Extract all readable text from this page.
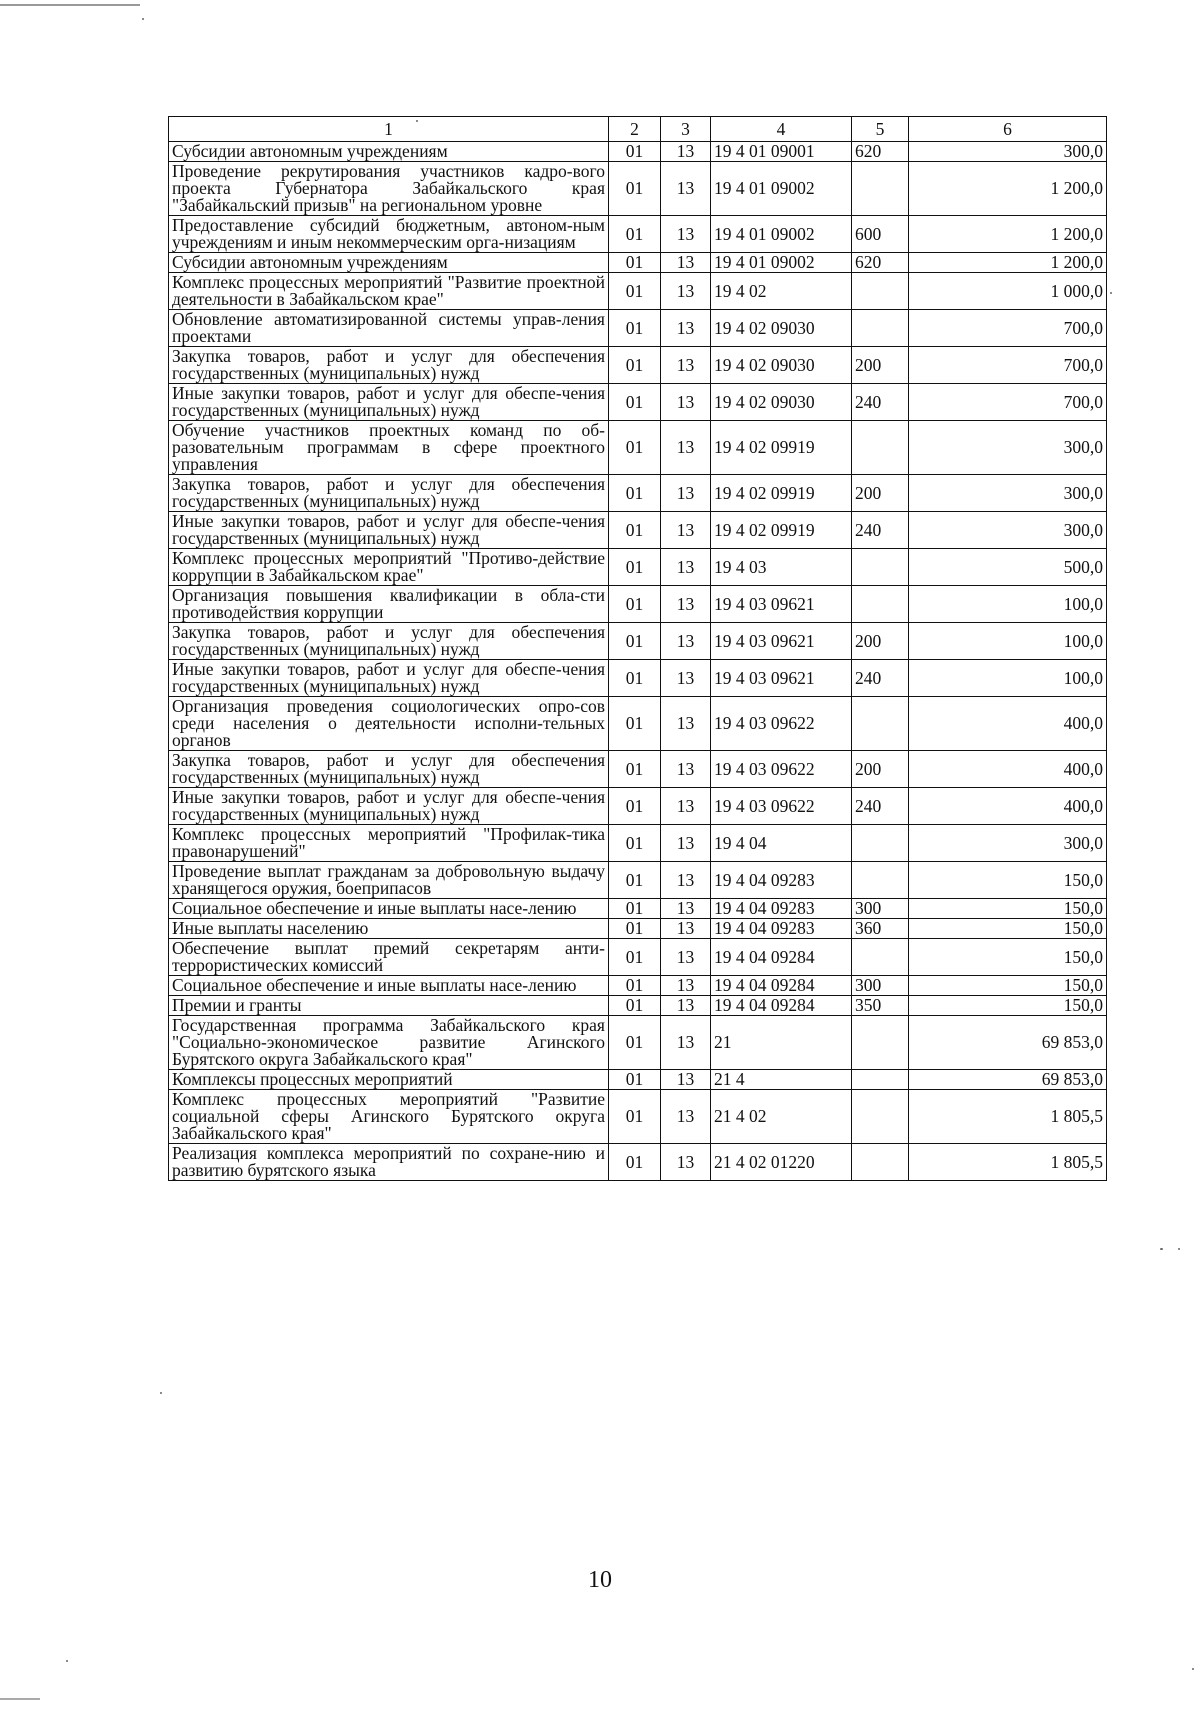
1	2	3	4	5	6
Субсидии автономным учреждениям	01	13	19 4 01 09001	620	300,0
Проведение рекрутирования участников кадро-вого проекта Губернатора Забайкальского края "Забайкальский призыв" на региональном уровне	01	13	19 4 01 09002		1 200,0
Предоставление субсидий бюджетным, автоном-ным учреждениям и иным некоммерческим орга-низациям	01	13	19 4 01 09002	600	1 200,0
Субсидии автономным учреждениям	01	13	19 4 01 09002	620	1 200,0
Комплекс процессных мероприятий "Развитие проектной деятельности в Забайкальском крае"	01	13	19 4 02		1 000,0
Обновление автоматизированной системы управ-ления проектами	01	13	19 4 02 09030		700,0
Закупка товаров, работ и услуг для обеспечения государственных (муниципальных) нужд	01	13	19 4 02 09030	200	700,0
Иные закупки товаров, работ и услуг для обеспе-чения государственных (муниципальных) нужд	01	13	19 4 02 09030	240	700,0
Обучение участников проектных команд по об-разовательным программам в сфере проектного управления	01	13	19 4 02 09919		300,0
Закупка товаров, работ и услуг для обеспечения государственных (муниципальных) нужд	01	13	19 4 02 09919	200	300,0
Иные закупки товаров, работ и услуг для обеспе-чения государственных (муниципальных) нужд	01	13	19 4 02 09919	240	300,0
Комплекс процессных мероприятий "Противо-действие коррупции в Забайкальском крае"	01	13	19 4 03		500,0
Организация повышения квалификации в обла-сти противодействия коррупции	01	13	19 4 03 09621		100,0
Закупка товаров, работ и услуг для обеспечения государственных (муниципальных) нужд	01	13	19 4 03 09621	200	100,0
Иные закупки товаров, работ и услуг для обеспе-чения государственных (муниципальных) нужд	01	13	19 4 03 09621	240	100,0
Организация проведения социологических опро-сов среди населения о деятельности исполни-тельных органов	01	13	19 4 03 09622		400,0
Закупка товаров, работ и услуг для обеспечения государственных (муниципальных) нужд	01	13	19 4 03 09622	200	400,0
Иные закупки товаров, работ и услуг для обеспе-чения государственных (муниципальных) нужд	01	13	19 4 03 09622	240	400,0
Комплекс процессных мероприятий "Профилак-тика правонарушений"	01	13	19 4 04		300,0
Проведение выплат гражданам за добровольную выдачу хранящегося оружия, боеприпасов	01	13	19 4 04 09283		150,0
Социальное обеспечение и иные выплаты насе-лению	01	13	19 4 04 09283	300	150,0
Иные выплаты населению	01	13	19 4 04 09283	360	150,0
Обеспечение выплат премий секретарям анти-террористических комиссий	01	13	19 4 04 09284		150,0
Социальное обеспечение и иные выплаты насе-лению	01	13	19 4 04 09284	300	150,0
Премии и гранты	01	13	19 4 04 09284	350	150,0
Государственная программа Забайкальского края "Социально-экономическое развитие Агинского Бурятского округа Забайкальского края"	01	13	21		69 853,0
Комплексы процессных мероприятий	01	13	21 4		69 853,0
Комплекс процессных мероприятий "Развитие социальной сферы Агинского Бурятского округа Забайкальского края"	01	13	21 4 02		1 805,5
Реализация комплекса мероприятий по сохране-нию и развитию бурятского языка	01	13	21 4 02 01220		1 805,5
10
